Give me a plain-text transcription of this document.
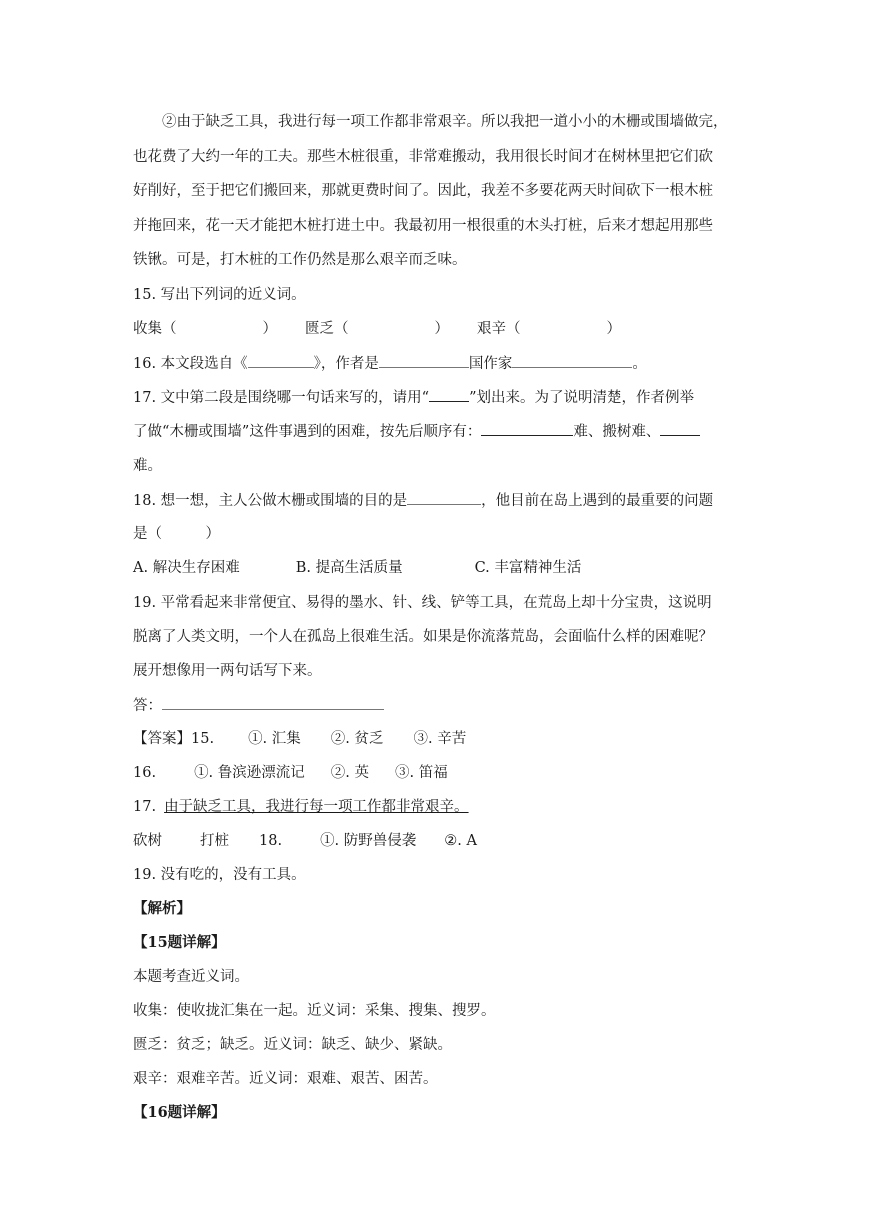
②由于缺乏工具，我进行每一项工作都非常艰辛。所以我把一道小小的木栅或围墙做完，
也花费了大约一年的工夫。那些木桩很重，非常难搬动，我用很长时间才在树林里把它们砍
好削好，至于把它们搬回来，那就更费时间了。因此，我差不多要花两天时间砍下一根木桩
并拖回来，花一天才能把木桩打进土中。我最初用一根很重的木头打桩，后来才想起用那些
铁锹。可是，打木桩的工作仍然是那么艰辛而乏味。
15. 写出下列词的近义词。
收集（	） 匮乏（	） 艰辛（	）
16. 本文段选自《	》，作者是	国作家	。
17. 文中第二段是围绕哪一句话来写的，请用“	”划出来。为了说明清楚，作者例举
了做“木栅或围墙”这件事遇到的困难，按先后顺序有：	难、搬树难、
难。
18. 想一想，主人公做木栅或围墙的目的是	，他目前在岛上遇到的最重要的问题
是（　　　）
A. 解决生存困难	B. 提高生活质量	C. 丰富精神生活
19. 平常看起来非常便宜、易得的墨水、针、线、铲等工具，在荒岛上却十分宝贵，这说明
脱离了人类文明，一个人在孤岛上很难生活。如果是你流落荒岛，会面临什么样的困难呢？
展开想像用一两句话写下来。
答：
【答案】15. ①. 汇集 ②. 贫乏 ③. 辛苦
16.	①. 鲁滨逊漂流记 ②. 英 ③. 笛福
17. 由于缺乏工具，我进行每一项工作都非常艰辛。
砍树	打桩 18.	①. 防野兽侵袭 ②. A
19. 没有吃的，没有工具。
【解析】
【15题详解】
本题考查近义词。
收集：使收拢汇集在一起。近义词：采集、搜集、搜罗。
匮乏：贫乏；缺乏。近义词：缺乏、缺少、紧缺。
艰辛：艰难辛苦。近义词：艰难、艰苦、困苦。
【16题详解】
